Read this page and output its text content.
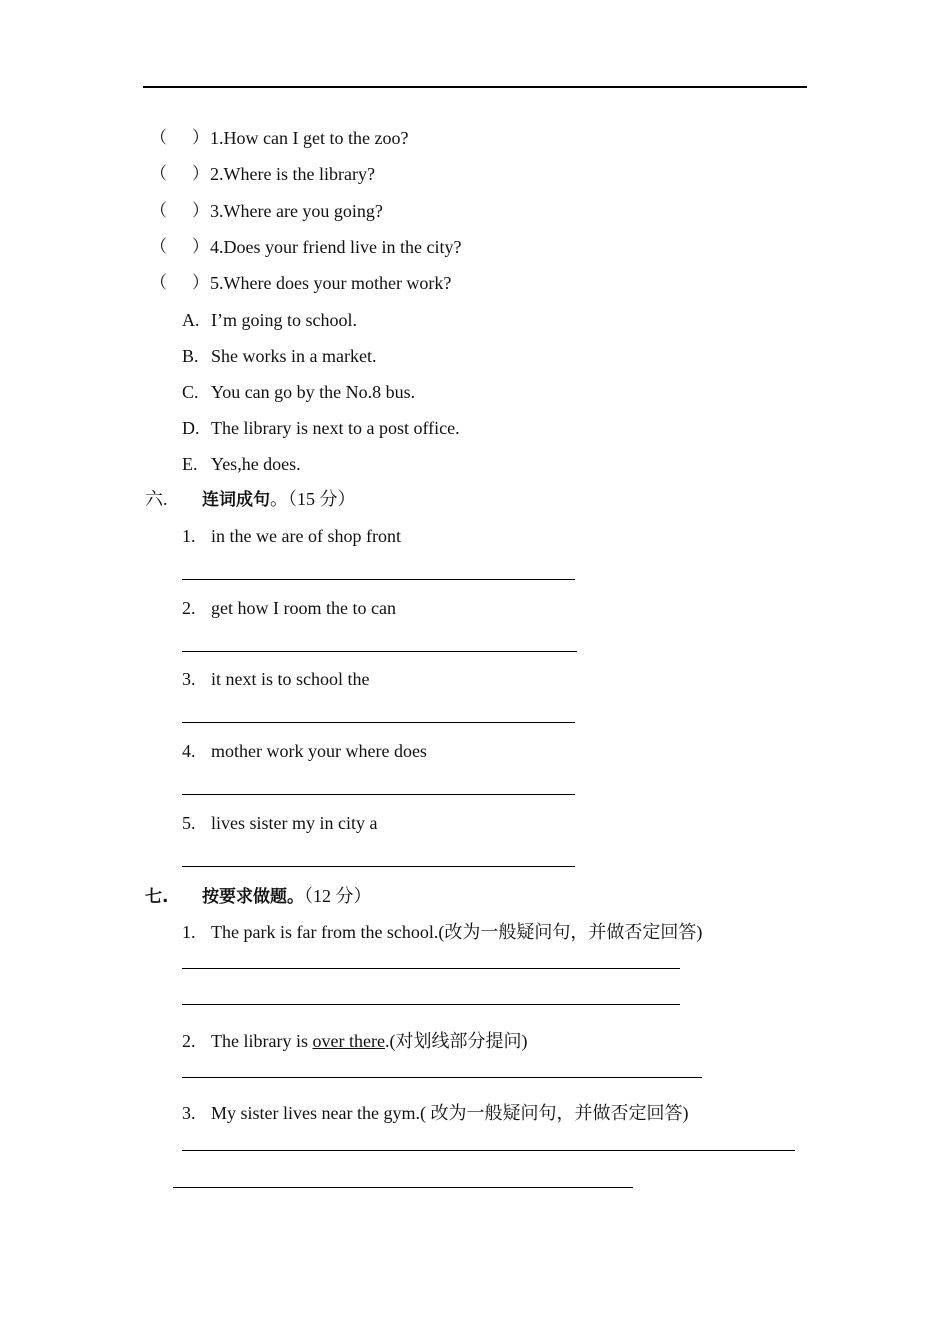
（ ） 1.How can I get to the zoo?
（ ） 2.Where is the library?
（ ） 3.Where are you going?
（ ） 4.Does your friend live in the city?
（ ） 5.Where does your mother work?
A. I’m going to school.
B. She works in a market.
C. You can go by the No.8 bus.
D. The library is next to a post office.
E. Yes,he does.
六. 连词成句。（15 分）
1. in the we are of shop front
2. get how I room the to can
3. it next is to school the
4. mother work your where does
5. lives sister my in city a
七. 按要求做题。（12 分）
1. The park is far from the school.(改为一般疑问句，并做否定回答)
2. The library is over there.(对划线部分提问)
3. My sister lives near the gym.( 改为一般疑问句，并做否定回答)
